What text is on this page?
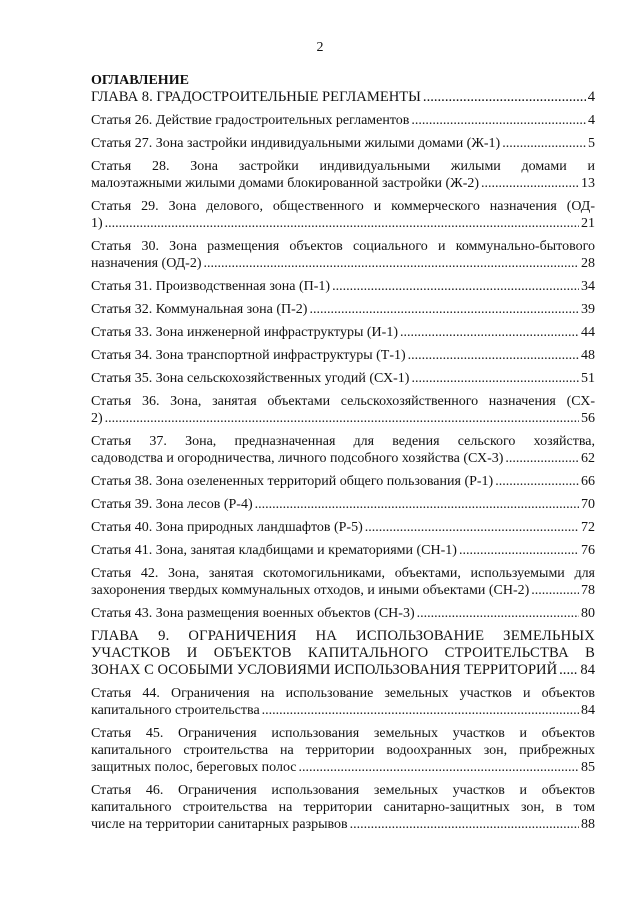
2
ОГЛАВЛЕНИЕ
ГЛАВА 8. ГРАДОСТРОИТЕЛЬНЫЕ РЕГЛАМЕНТЫ .....	4
Статья 26. Действие градостроительных регламентов .....	4
Статья 27. Зона застройки индивидуальными жилыми домами (Ж-1) .....	5
Статья 28. Зона застройки индивидуальными жилыми домами и
малоэтажными жилыми домами блокированной застройки (Ж-2) .....	13
Статья 29. Зона делового, общественного и коммерческого назначения (ОД-
1) .....	21
Статья 30. Зона размещения объектов социального и коммунально-бытового
назначения (ОД-2) .....	28
Статья 31. Производственная зона (П-1) .....	34
Статья 32. Коммунальная зона (П-2) .....	39
Статья 33. Зона инженерной инфраструктуры (И-1) .....	44
Статья 34. Зона транспортной инфраструктуры (Т-1) .....	48
Статья 35. Зона сельскохозяйственных угодий (СХ-1) .....	51
Статья 36. Зона, занятая объектами сельскохозяйственного назначения (СХ-
2) .....	56
Статья 37. Зона, предназначенная для ведения сельского хозяйства,
садоводства и огородничества, личного подсобного хозяйства (СХ-3) .....	62
Статья 38. Зона озелененных территорий общего пользования (Р-1) .....	66
Статья 39. Зона лесов (Р-4) .....	70
Статья 40. Зона природных ландшафтов (Р-5) .....	72
Статья 41. Зона, занятая кладбищами и крематориями (СН-1) .....	76
Статья 42. Зона, занятая скотомогильниками, объектами, используемыми для
захоронения твердых коммунальных отходов, и иными объектами (СН-2) .....	78
Статья 43. Зона размещения военных объектов (СН-3) .....	80
ГЛАВА 9. ОГРАНИЧЕНИЯ НА ИСПОЛЬЗОВАНИЕ ЗЕМЕЛЬНЫХ
УЧАСТКОВ И ОБЪЕКТОВ КАПИТАЛЬНОГО СТРОИТЕЛЬСТВА В
ЗОНАХ С ОСОБЫМИ УСЛОВИЯМИ ИСПОЛЬЗОВАНИЯ ТЕРРИТОРИЙ ..... 84
Статья 44. Ограничения на использование земельных участков и объектов
капитального строительства .....	84
Статья 45. Ограничения использования земельных участков и объектов
капитального строительства на территории водоохранных зон, прибрежных
защитных полос, береговых полос .....	85
Статья 46. Ограничения использования земельных участков и объектов
капитального строительства на территории санитарно-защитных зон, в том
числе на территории санитарных разрывов .....	88
